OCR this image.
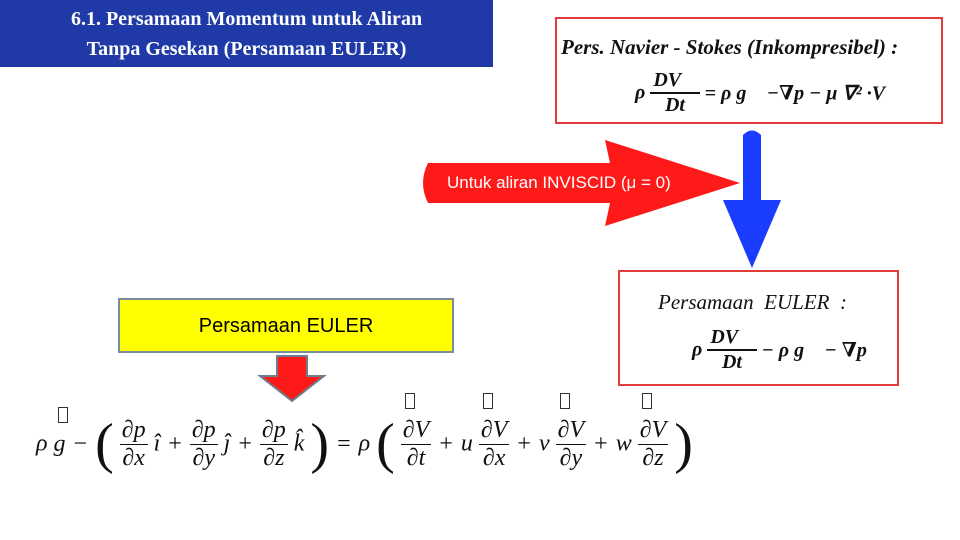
6.1. Persamaan Momentum untuk Aliran
Tanpa Gesekan (Persamaan EULER)
Untuk aliran INVISCID (μ = 0)
Pers. Navier - Stokes (Inkompresibel) :
ρ $\frac{DV⃗}{Dt} = \rho$ g⃗ −∇p − μ ∇² ·V⃗
Persamaan  EULER  :
ρ $\frac{DV⃗}{Dt} - \rho$ g⃗ − ∇p
Persamaan EULER
ρ g − ( $\frac{\partial p}{\partial x}$ î + $\frac{\partial p}{\partial y}$ ĵ + $\frac{\partial p}{\partial z}$ k̂ ) = ρ ( $\frac{\partial V}{\partial t} + u \frac{\partial V}{\partial x} + v \frac{\partial V}{\partial y} + w \frac{\partial V}{\partial z}$ )
